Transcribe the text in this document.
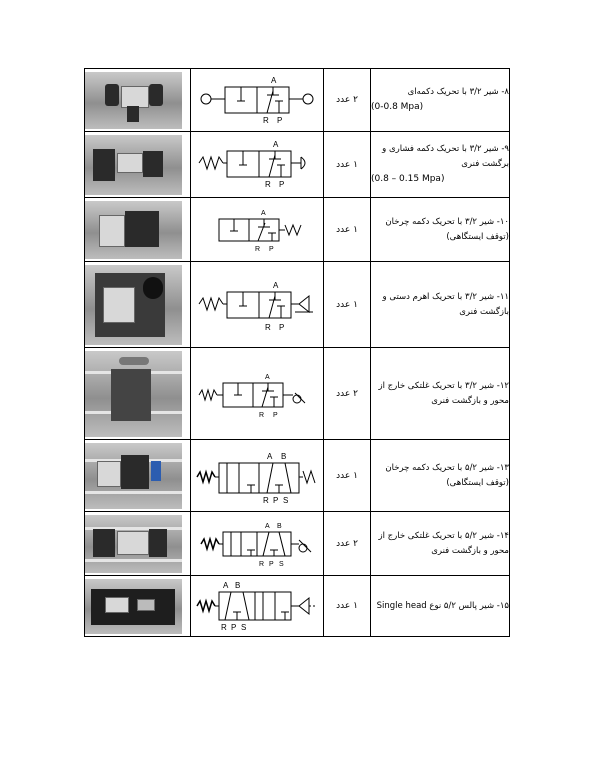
A
R P	۲ عدد	۸- شیر ۳/۲ با تحریک دکمه‌ای
(0-0.8 Mpa)

A
R P	۱ عدد	۹- شیر ۳/۲ با تحریک دکمه فشاری و برگشت فنری
(0.8 – 0.15 Mpa)

A
R P	۱ عدد	۱۰- شیر ۳/۲ با تحریک دکمه چرخان (توقف ایستگاهی)

A
R P	۱ عدد	۱۱- شیر ۳/۲ با تحریک اهرم دستی و بازگشت فنری

A
R P	۲ عدد	۱۲- شیر ۳/۲ با تحریک غلتکی خارج از محور و بازگشت فنری

A B
R P S	۱ عدد	۱۳- شیر ۵/۲ با تحریک دکمه چرخان (توقف ایستگاهی)

A B
R P S	۲ عدد	۱۴- شیر ۵/۲ با تحریک غلتکی خارج از محور و بازگشت فنری

A B
R P S	۱ عدد	۱۵- شیر پالس ۵/۲ نوع Single head
